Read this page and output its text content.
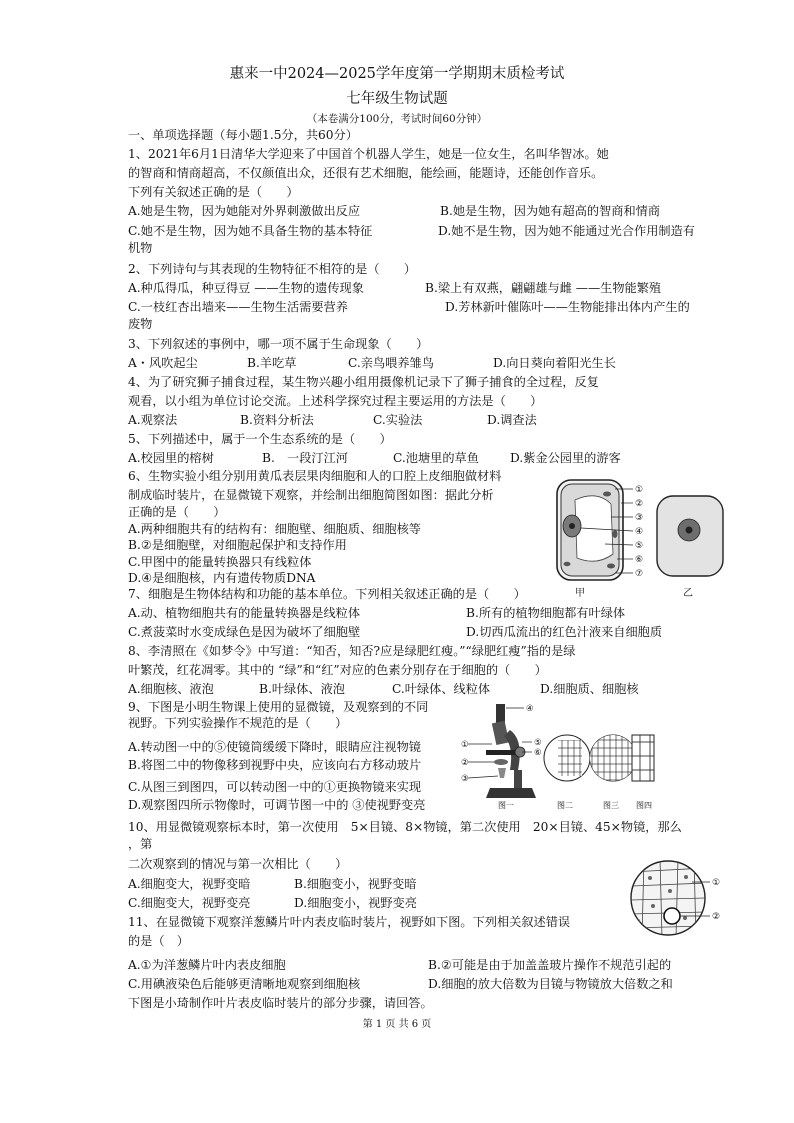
惠来一中2024—2025学年度第一学期期末质检考试
七年级生物试题
（本卷满分100分，考试时间60分钟）
一、单项选择题（每小题1.5分，共60分）
1、2021年6月1日清华大学迎来了中国首个机器人学生，她是一位女生，名叫华智冰。她
的智商和情商超高，不仅颜值出众，还很有艺术细胞，能绘画，能题诗，还能创作音乐。
下列有关叙述正确的是（　　）
A.她是生物，因为她能对外界刺激做出反应	B.她是生物，因为她有超高的智商和情商
C.她不是生物，因为她不具备生物的基本特征	D.她不是生物，因为她不能通过光合作用制造有
机物
2、下列诗句与其表现的生物特征不相符的是（　　）
A.种瓜得瓜，种豆得豆 ——生物的遗传现象	B.梁上有双燕，翩翩雄与雌 ——生物能繁殖
C.一枝红杏出墙来——生物生活需要营养	D.芳林新叶催陈叶——生物能排出体内产生的
废物
3、下列叙述的事例中，哪一项不属于生命现象（　　）
A・风吹起尘	B.羊吃草	C.亲鸟喂养雏鸟	D.向日葵向着阳光生长
4、为了研究狮子捕食过程，某生物兴趣小组用摄像机记录下了狮子捕食的全过程，反复
观看，以小组为单位讨论交流。上述科学探究过程主要运用的方法是（　　）
A.观察法	B.资料分析法	C.实验法	D.调查法
5、下列描述中，属于一个生态系统的是（　　）
A.校园里的榕树	B.　一段汀江河	C.池塘里的草鱼	D.紫金公园里的游客
6、生物实验小组分别用黄瓜表层果肉细胞和人的口腔上皮细胞做材料
制成临时装片，在显微镜下观察，并绘制出细胞简图如图：据此分析
正确的是（　　）
A.两种细胞共有的结构有：细胞壁、细胞质、细胞核等
B.②是细胞壁，对细胞起保护和支持作用
C.甲图中的能量转换器只有线粒体
D.④是细胞核，内有遗传物质DNA
①
②
③
④
⑤
⑥
⑦
甲	乙
7、细胞是生物体结构和功能的基本单位。下列相关叙述正确的是（　　）
A.动、植物细胞共有的能量转换器是线粒体	B.所有的植物细胞都有叶绿体
C.煮菠菜时水变成绿色是因为破坏了细胞壁	D.切西瓜流出的红色汁液来自细胞质
8、李清照在《如梦令》中写道：“知否，知否?应是绿肥红瘦。”“绿肥红瘦”指的是绿
叶繁茂，红花凋零。其中的 “绿”和“红”对应的色素分别存在于细胞的（　　）
A.细胞核、液泡	B.叶绿体、液泡	C.叶绿体、线粒体	D.细胞质、细胞核
9、下图是小明生物课上使用的显微镜，及观察到的不同
视野。下列实验操作不规范的是（　　）
A.转动图一中的⑤使镜筒缓缓下降时，眼睛应注视物镜
B.将图二中的物像移到视野中央，应该向右方移动玻片
C.从图三到图四，可以转动图一中的①更换物镜来实现
D.观察图四所示物像时，可调节图一中的 ③使视野变亮
①
②
③
④
⑤
⑥
图一	图二	图三 图四
10、用显微镜观察标本时，第一次使用　5×目镜、8×物镜，第二次使用　20×目镜、45×物镜，那么
，第
二次观察到的情况与第一次相比（　　）
A.细胞变大，视野变暗	B.细胞变小，视野变暗
C.细胞变大，视野变亮	D.细胞变小，视野变亮
11、在显微镜下观察洋葱鳞片叶内表皮临时装片，视野如下图。下列相关叙述错误
的是（　）
A.①为洋葱鳞片叶内表皮细胞	B.②可能是由于加盖盖玻片操作不规范引起的
C.用碘液染色后能够更清晰地观察到细胞核	D.细胞的放大倍数为目镜与物镜放大倍数之和
①
②
下图是小琦制作叶片表皮临时装片的部分步骤，请回答。
第 1 页 共 6 页
